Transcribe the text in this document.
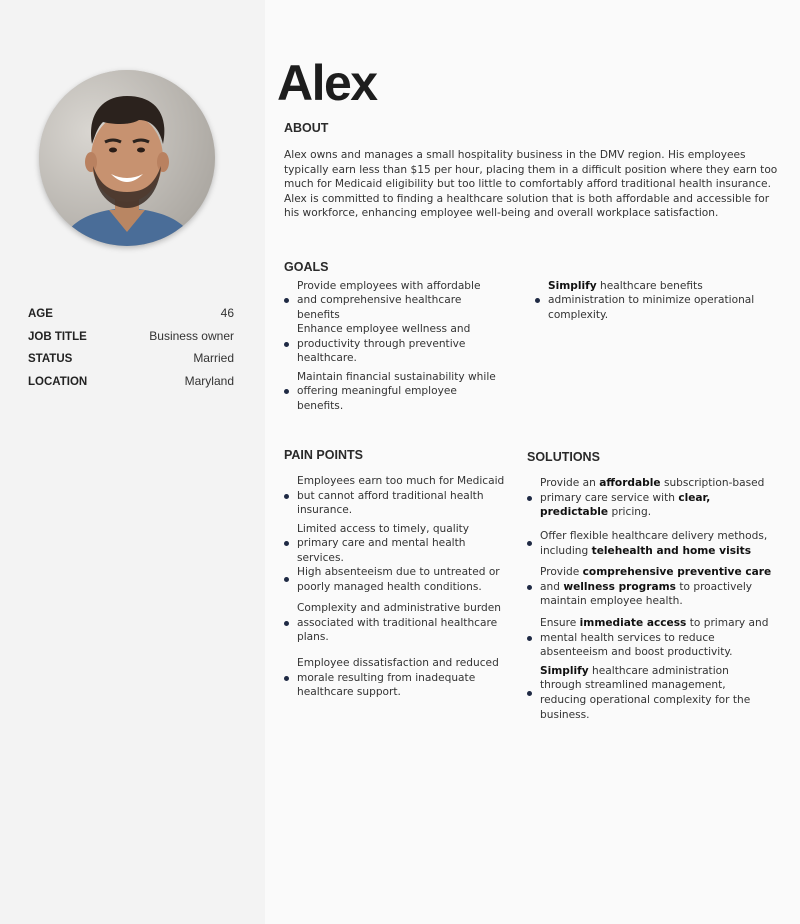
AGE	46
JOB TITLE	Business owner
STATUS	Married
LOCATION	Maryland
Alex
ABOUT
Alex owns and manages a small hospitality business in the DMV region. His employees typically earn less than $15 per hour, placing them in a difficult position where they earn too much for Medicaid eligibility but too little to comfortably afford traditional health insurance. Alex is committed to finding a healthcare solution that is both affordable and accessible for his workforce, enhancing employee well-being and overall workplace satisfaction.
GOALS
Provide employees with affordable and comprehensive healthcare benefits
Enhance employee wellness and productivity through preventive healthcare.
Maintain financial sustainability while offering meaningful employee benefits.
Simplify healthcare benefits administration to minimize operational complexity.
PAIN POINTS
Employees earn too much for Medicaid but cannot afford traditional health insurance.
Limited access to timely, quality primary care and mental health services.
High absenteeism due to untreated or poorly managed health conditions.
Complexity and administrative burden associated with traditional healthcare plans.
Employee dissatisfaction and reduced morale resulting from inadequate healthcare support.
SOLUTIONS
Provide an affordable subscription-based primary care service with clear, predictable pricing.
Offer flexible healthcare delivery methods, including telehealth and home visits
Provide comprehensive preventive care and wellness programs to proactively maintain employee health.
Ensure immediate access to primary and mental health services to reduce absenteeism and boost productivity.
Simplify healthcare administration through streamlined management, reducing operational complexity for the business.
